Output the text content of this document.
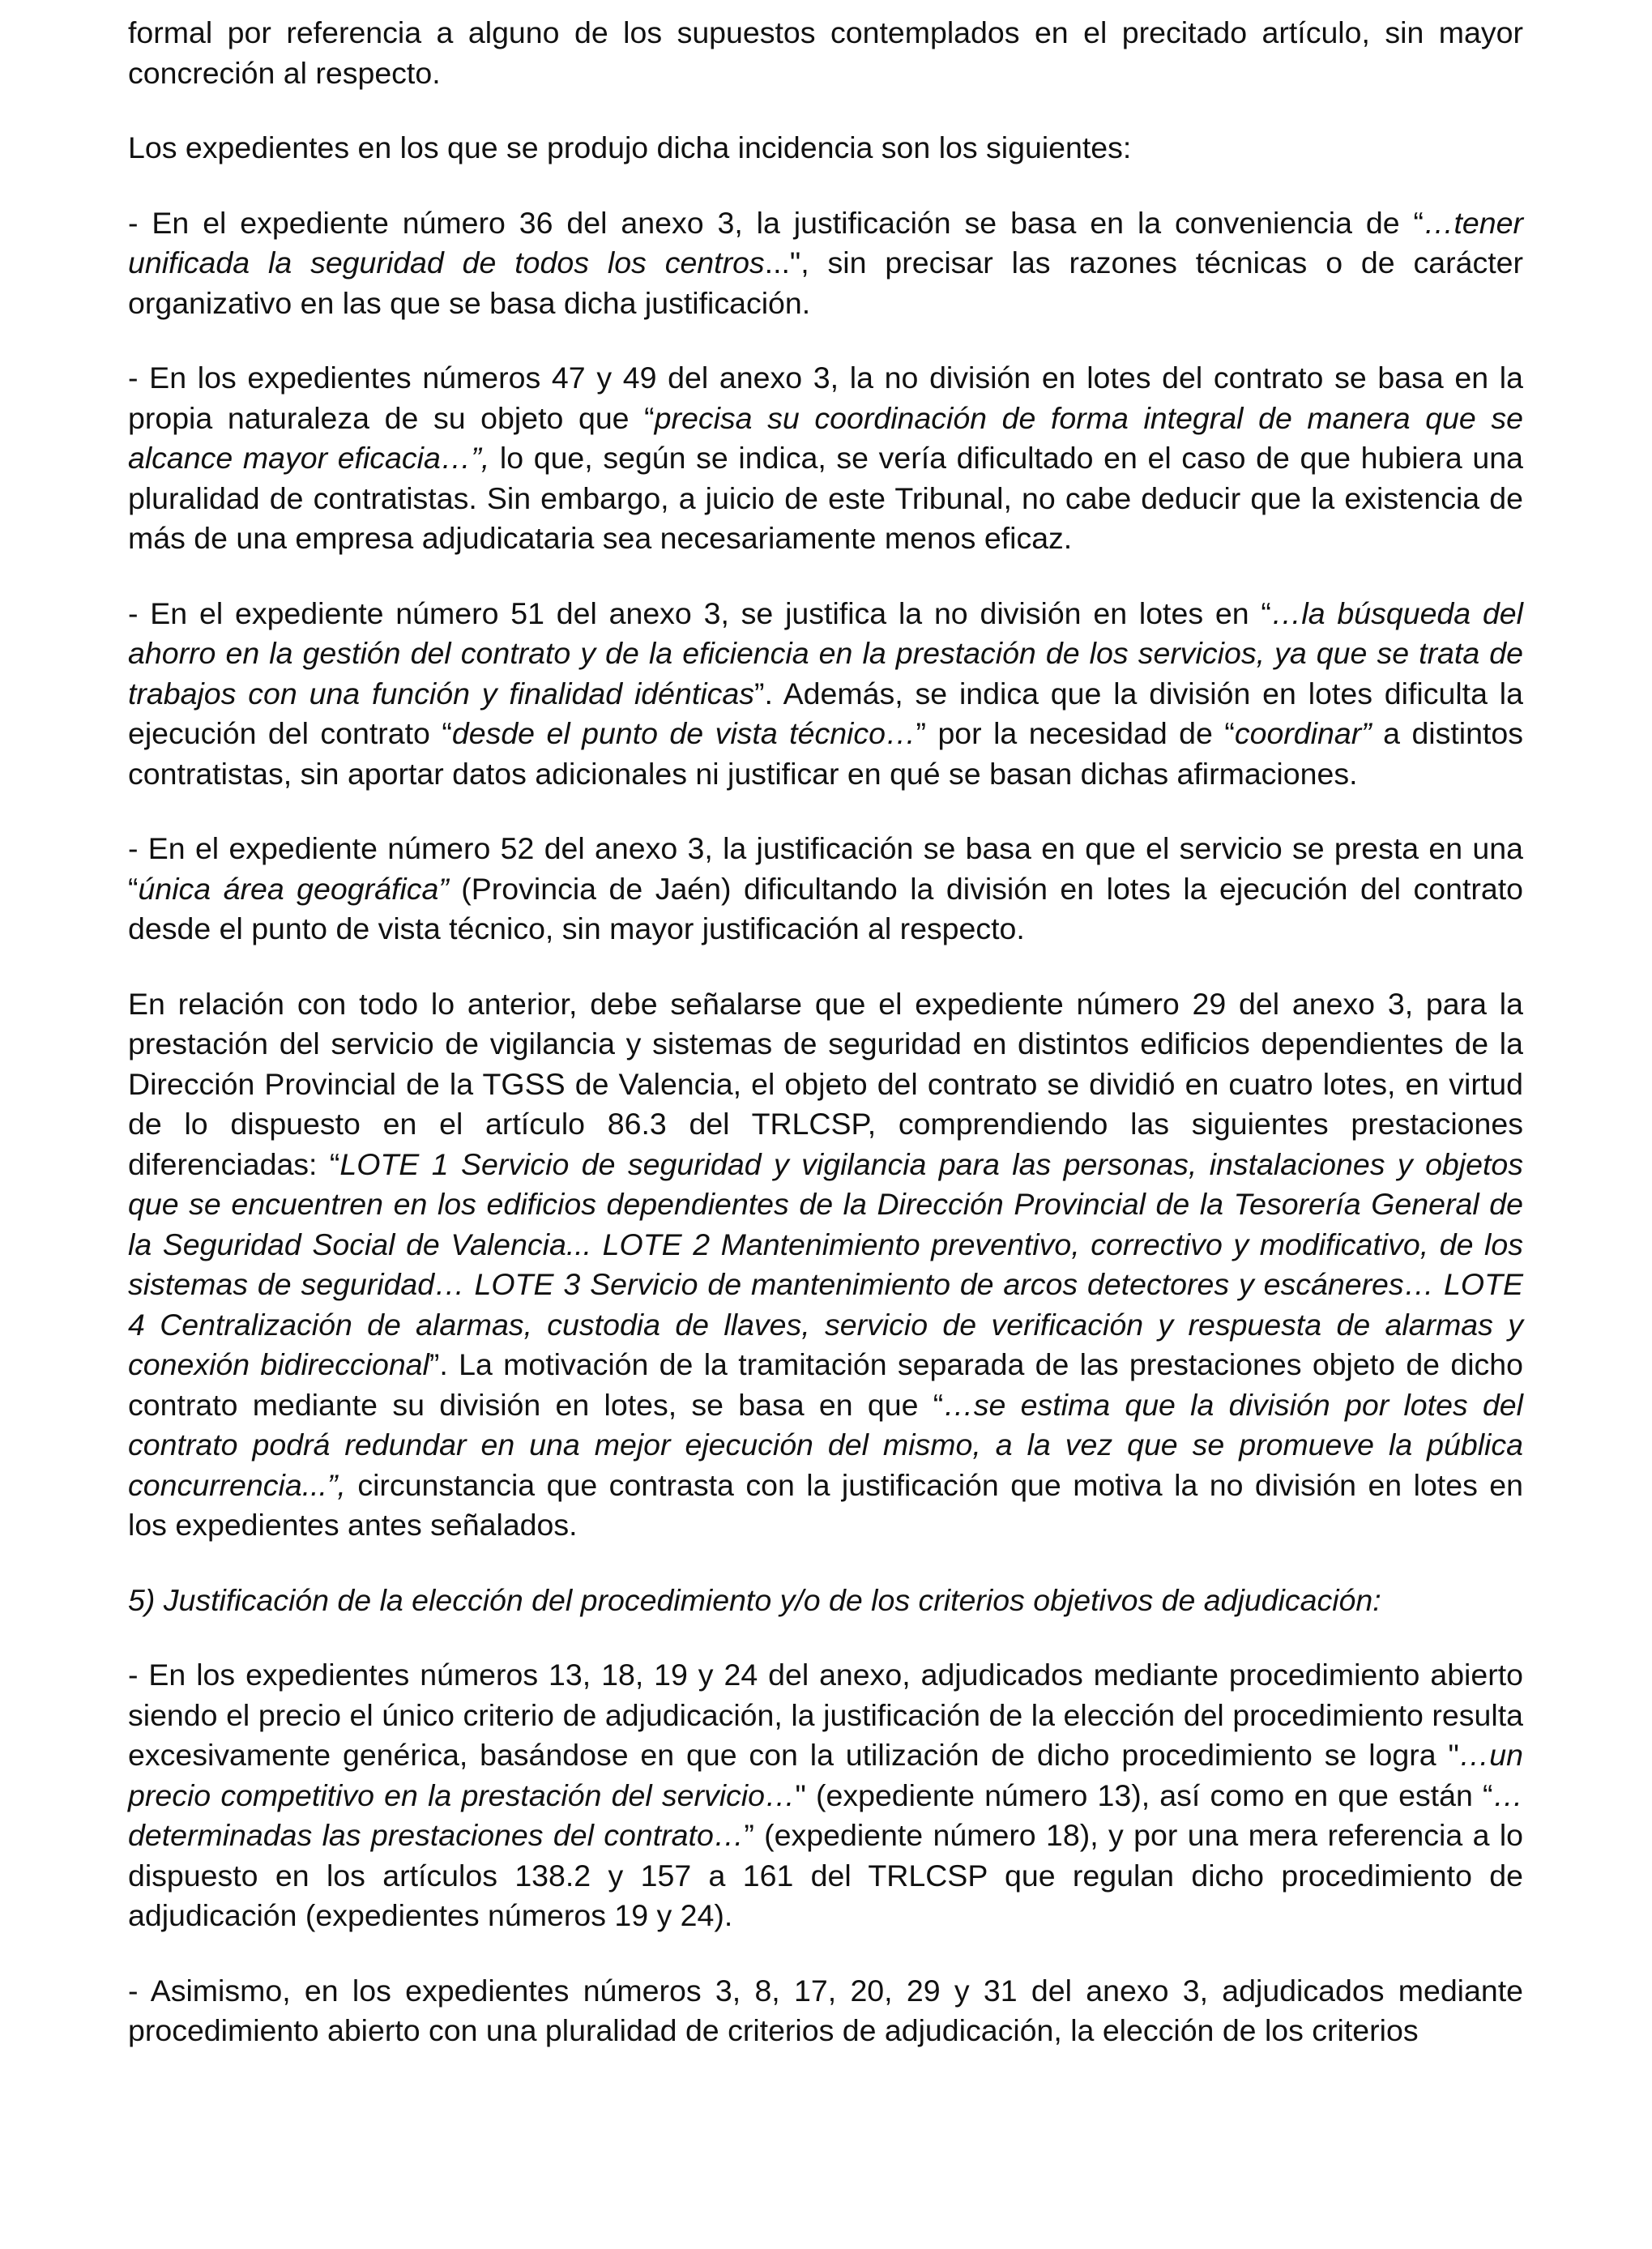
formal por referencia a alguno de los supuestos contemplados en el precitado artículo, sin mayor concreción al respecto.

Los expedientes en los que se produjo dicha incidencia son los siguientes:

- En el expediente número 36 del anexo 3, la justificación se basa en la conveniencia de “…tener unificada la seguridad de todos los centros...", sin precisar las razones técnicas o de carácter organizativo en las que se basa dicha justificación.

- En los expedientes números 47 y 49 del anexo 3, la no división en lotes del contrato se basa en la propia naturaleza de su objeto que “precisa su coordinación de forma integral de manera que se alcance mayor eficacia…”, lo que, según se indica, se vería dificultado en el caso de que hubiera una pluralidad de contratistas. Sin embargo, a juicio de este Tribunal, no cabe deducir que la existencia de más de una empresa adjudicataria sea necesariamente menos eficaz.

- En el expediente número 51 del anexo 3, se justifica la no división en lotes en “…la búsqueda del ahorro en la gestión del contrato y de la eficiencia en la prestación de los servicios, ya que se trata de trabajos con una función y finalidad idénticas”. Además, se indica que la división en lotes dificulta la ejecución del contrato “desde el punto de vista técnico…” por la necesidad de “coordinar” a distintos contratistas, sin aportar datos adicionales ni justificar en qué se basan dichas afirmaciones.

- En el expediente número 52 del anexo 3, la justificación se basa en que el servicio se presta en una “única área geográfica” (Provincia de Jaén) dificultando la división en lotes la ejecución del contrato desde el punto de vista técnico, sin mayor justificación al respecto.

En relación con todo lo anterior, debe señalarse que el expediente número 29 del anexo 3, para la prestación del servicio de vigilancia y sistemas de seguridad en distintos edificios dependientes de la Dirección Provincial de la TGSS de Valencia, el objeto del contrato se dividió en cuatro lotes, en virtud de lo dispuesto en el artículo 86.3 del TRLCSP, comprendiendo las siguientes prestaciones diferenciadas: “LOTE 1 Servicio de seguridad y vigilancia para las personas, instalaciones y objetos que se encuentren en los edificios dependientes de la Dirección Provincial de la Tesorería General de la Seguridad Social de Valencia... LOTE 2 Mantenimiento preventivo, correctivo y modificativo, de los sistemas de seguridad… LOTE 3 Servicio de mantenimiento de arcos detectores y escáneres… LOTE 4 Centralización de alarmas, custodia de llaves, servicio de verificación y respuesta de alarmas y conexión bidireccional”. La motivación de la tramitación separada de las prestaciones objeto de dicho contrato mediante su división en lotes, se basa en que “…se estima que la división por lotes del contrato podrá redundar en una mejor ejecución del mismo, a la vez que se promueve la pública concurrencia...”, circunstancia que contrasta con la justificación que motiva la no división en lotes en los expedientes antes señalados.

5) Justificación de la elección del procedimiento y/o de los criterios objetivos de adjudicación:

- En los expedientes números 13, 18, 19 y 24 del anexo, adjudicados mediante procedimiento abierto siendo el precio el único criterio de adjudicación, la justificación de la elección del procedimiento resulta excesivamente genérica, basándose en que con la utilización de dicho procedimiento se logra "…un precio competitivo en la prestación del servicio…" (expediente número 13), así como en que están “…determinadas las prestaciones del contrato…” (expediente número 18), y por una mera referencia a lo dispuesto en los artículos 138.2 y 157 a 161 del TRLCSP que regulan dicho procedimiento de adjudicación (expedientes números 19 y 24).

- Asimismo, en los expedientes números 3, 8, 17, 20, 29 y 31 del anexo 3, adjudicados mediante procedimiento abierto con una pluralidad de criterios de adjudicación, la elección de los criterios
